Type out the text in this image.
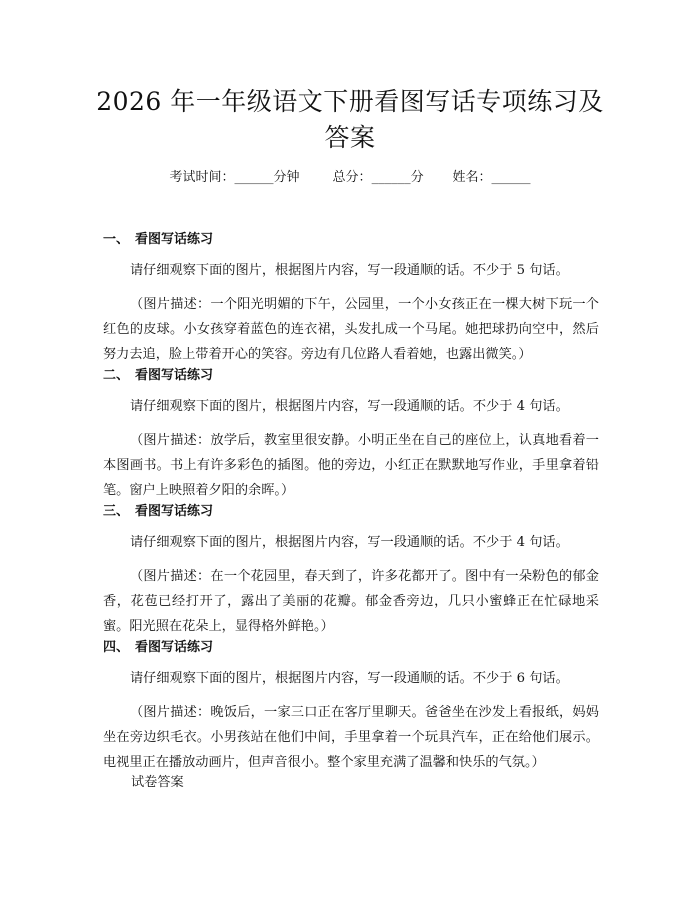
2026 年一年级语文下册看图写话专项练习及答案
考试时间：______分钟	总分：______分 姓名：______
一、 看图写话练习
请仔细观察下面的图片，根据图片内容，写一段通顺的话。不少于 5 句话。
（图片描述：一个阳光明媚的下午，公园里，一个小女孩正在一棵大树下玩一个红色的皮球。小女孩穿着蓝色的连衣裙，头发扎成一个马尾。她把球扔向空中，然后努力去追，脸上带着开心的笑容。旁边有几位路人看着她，也露出微笑。）
二、 看图写话练习
请仔细观察下面的图片，根据图片内容，写一段通顺的话。不少于 4 句话。
（图片描述：放学后，教室里很安静。小明正坐在自己的座位上，认真地看着一本图画书。书上有许多彩色的插图。他的旁边，小红正在默默地写作业，手里拿着铅笔。窗户上映照着夕阳的余晖。）
三、 看图写话练习
请仔细观察下面的图片，根据图片内容，写一段通顺的话。不少于 4 句话。
（图片描述：在一个花园里，春天到了，许多花都开了。图中有一朵粉色的郁金香，花苞已经打开了，露出了美丽的花瓣。郁金香旁边，几只小蜜蜂正在忙碌地采蜜。阳光照在花朵上，显得格外鲜艳。）
四、 看图写话练习
请仔细观察下面的图片，根据图片内容，写一段通顺的话。不少于 6 句话。
（图片描述：晚饭后，一家三口正在客厅里聊天。爸爸坐在沙发上看报纸，妈妈坐在旁边织毛衣。小男孩站在他们中间，手里拿着一个玩具汽车，正在给他们展示。电视里正在播放动画片，但声音很小。整个家里充满了温馨和快乐的气氛。）
试卷答案
